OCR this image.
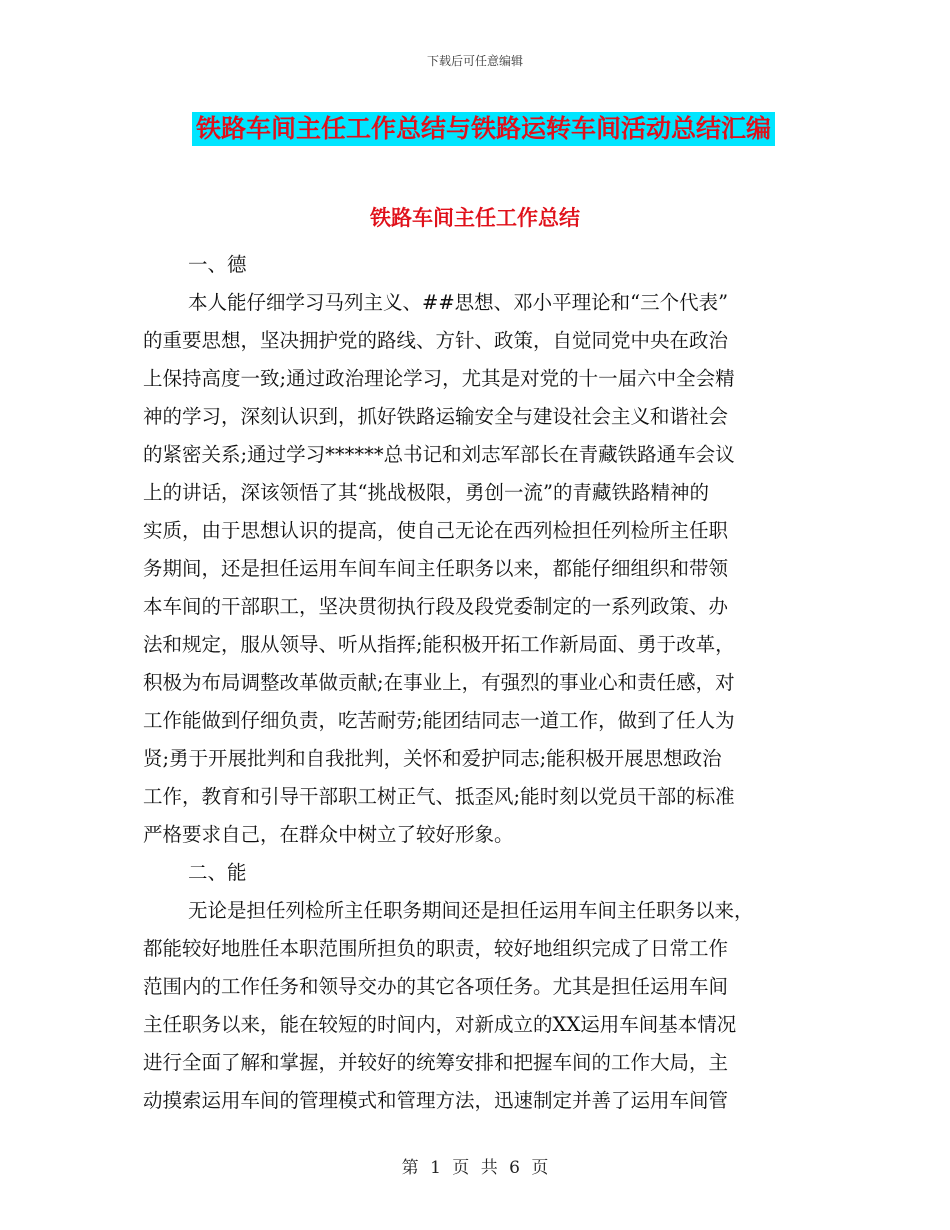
下载后可任意编辑
铁路车间主任工作总结与铁路运转车间活动总结汇编
铁路车间主任工作总结
一、德
本人能仔细学习马列主义、##思想、邓小平理论和“三个代表”
的重要思想，坚决拥护党的路线、方针、政策，自觉同党中央在政治
上保持高度一致;通过政治理论学习，尤其是对党的十一届六中全会精
神的学习，深刻认识到，抓好铁路运输安全与建设社会主义和谐社会
的紧密关系;通过学习******总书记和刘志军部长在青藏铁路通车会议
上的讲话，深该领悟了其“挑战极限，勇创一流”的青藏铁路精神的
实质，由于思想认识的提高，使自己无论在西列检担任列检所主任职
务期间，还是担任运用车间车间主任职务以来，都能仔细组织和带领
本车间的干部职工，坚决贯彻执行段及段党委制定的一系列政策、办
法和规定，服从领导、听从指挥;能积极开拓工作新局面、勇于改革，
积极为布局调整改革做贡献;在事业上，有强烈的事业心和责任感，对
工作能做到仔细负责，吃苦耐劳;能团结同志一道工作，做到了任人为
贤;勇于开展批判和自我批判，关怀和爱护同志;能积极开展思想政治
工作，教育和引导干部职工树正气、抵歪风;能时刻以党员干部的标准
严格要求自己，在群众中树立了较好形象。
二、能
无论是担任列检所主任职务期间还是担任运用车间主任职务以来，
都能较好地胜任本职范围所担负的职责，较好地组织完成了日常工作
范围内的工作任务和领导交办的其它各项任务。尤其是担任运用车间
主任职务以来，能在较短的时间内，对新成立的XX运用车间基本情况
进行全面了解和掌握，并较好的统筹安排和把握车间的工作大局，主
动摸索运用车间的管理模式和管理方法，迅速制定并善了运用车间管
第 1 页 共 6 页
